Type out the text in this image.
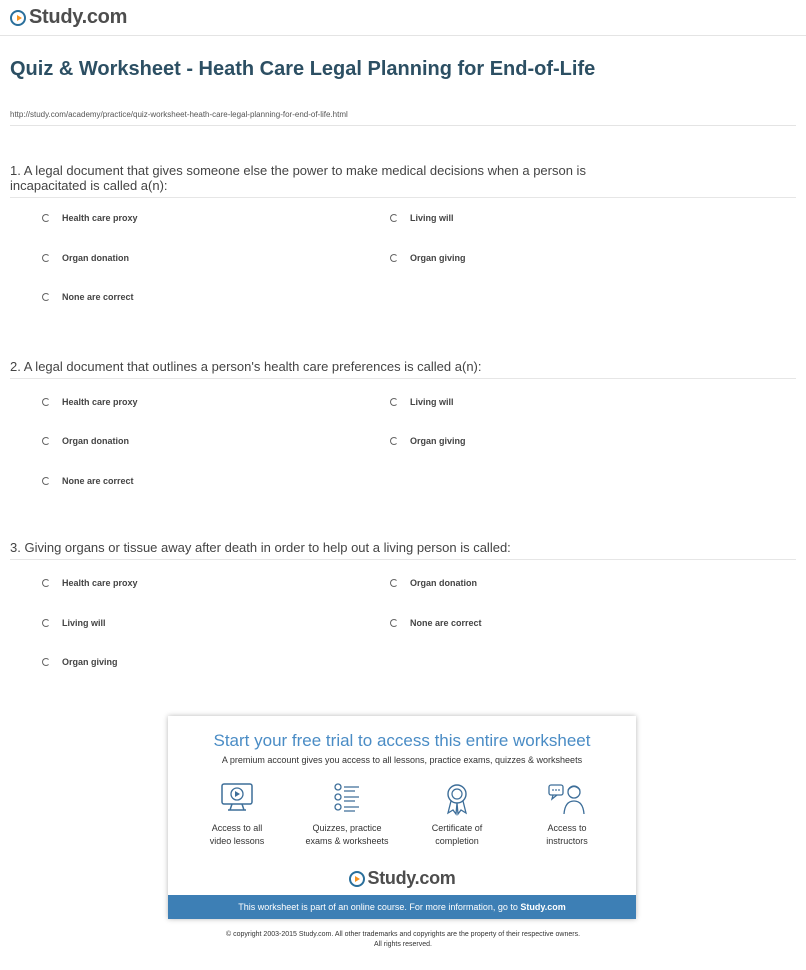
Study.com
Quiz & Worksheet - Heath Care Legal Planning for End-of-Life
http://study.com/academy/practice/quiz-worksheet-heath-care-legal-planning-for-end-of-life.html

1. A legal document that gives someone else the power to make medical decisions when a person is incapacitated is called a(n):

Health care proxy	Living will
Organ donation	Organ giving
None are correct

2. A legal document that outlines a person's health care preferences is called a(n):

Health care proxy	Living will
Organ donation	Organ giving
None are correct

3. Giving organs or tissue away after death in order to help out a living person is called:

Health care proxy	Organ donation
Living will	None are correct
Organ giving
Start your free trial to access this entire worksheet
A premium account gives you access to all lessons, practice exams, quizzes & worksheets
Access to all
video lessons
Quizzes, practice
exams & worksheets
Certificate of
completion
Access to
instructors
Study.com
This worksheet is part of an online course. For more information, go to Study.com
© copyright 2003-2015 Study.com. All other trademarks and copyrights are the property of their respective owners.
All rights reserved.
